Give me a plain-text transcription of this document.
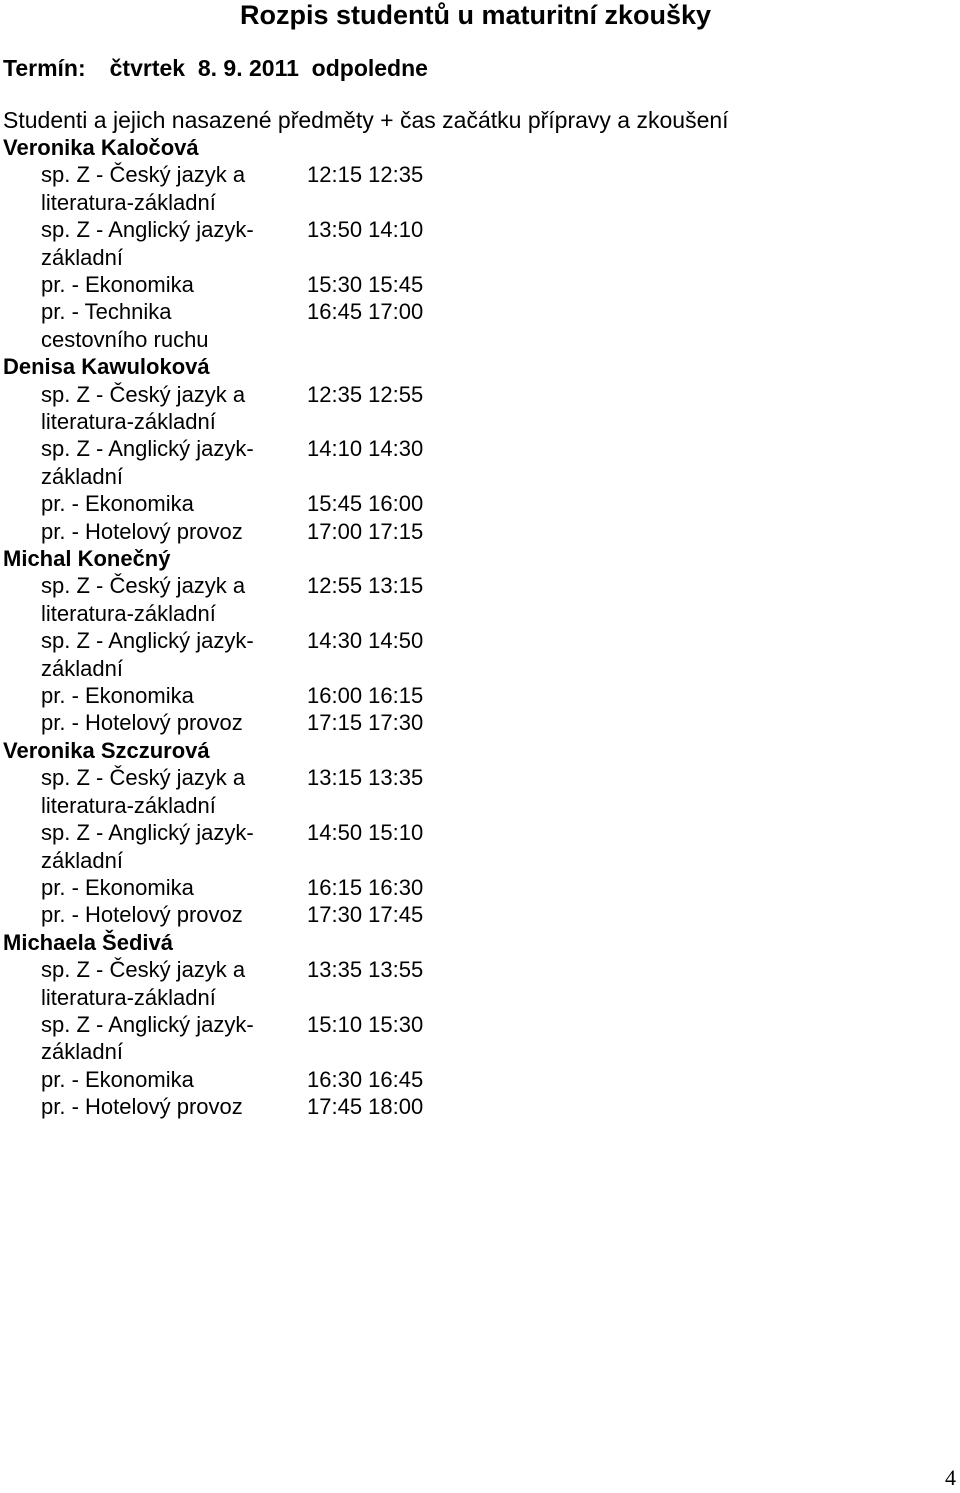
Rozpis studentů u maturitní zkoušky
Termín: čtvrtek  8. 9. 2011  odpoledne
Studenti a jejich nasazené předměty + čas začátku přípravy a zkoušení
Veronika Kaločová
sp. Z - Český jazyk a
literatura-základní
12:15 12:35
sp. Z - Anglický jazyk-
základní
13:50 14:10
pr. - Ekonomika	15:30 15:45
pr. - Technika
cestovního ruchu
16:45 17:00
Denisa Kawuloková
sp. Z - Český jazyk a
literatura-základní
12:35 12:55
sp. Z - Anglický jazyk-
základní
14:10 14:30
pr. - Ekonomika	15:45 16:00
pr. - Hotelový provoz	17:00 17:15
Michal Konečný
sp. Z - Český jazyk a
literatura-základní
12:55 13:15
sp. Z - Anglický jazyk-
základní
14:30 14:50
pr. - Ekonomika	16:00 16:15
pr. - Hotelový provoz	17:15 17:30
Veronika Szczurová
sp. Z - Český jazyk a
literatura-základní
13:15 13:35
sp. Z - Anglický jazyk-
základní
14:50 15:10
pr. - Ekonomika	16:15 16:30
pr. - Hotelový provoz	17:30 17:45
Michaela Šedivá
sp. Z - Český jazyk a
literatura-základní
13:35 13:55
sp. Z - Anglický jazyk-
základní
15:10 15:30
pr. - Ekonomika	16:30 16:45
pr. - Hotelový provoz	17:45 18:00
4
